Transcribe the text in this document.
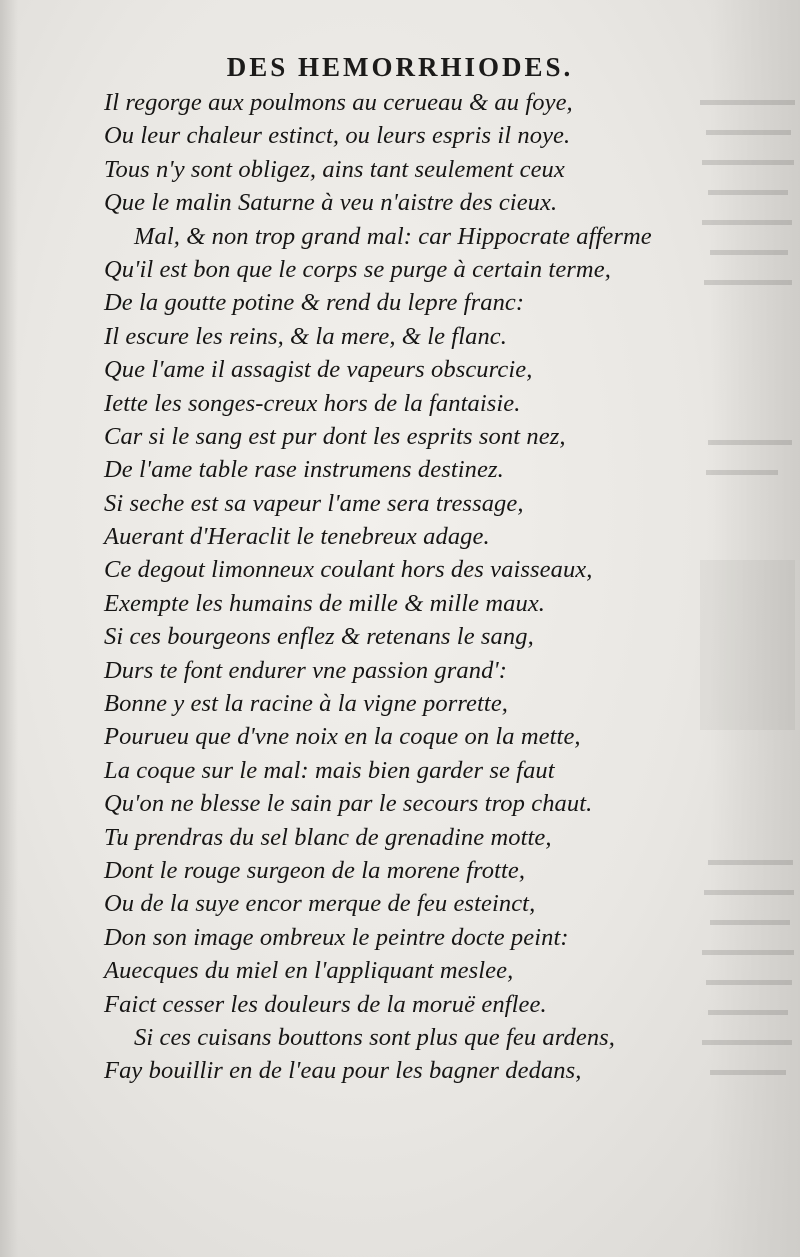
DES HEMORRHIODES.
Il regorge aux poulmons au cerueau & au foye,
Ou leur chaleur estinct, ou leurs espris il noye.
Tous n'y sont obligez, ains tant seulement ceux
Que le malin Saturne à veu n'aistre des cieux.
Mal, & non trop grand mal: car Hippocrate afferme
Qu'il est bon que le corps se purge à certain terme,
De la goutte potine & rend du lepre franc:
Il escure les reins, & la mere, & le flanc.
Que l'ame il assagist de vapeurs obscurcie,
Iette les songes-creux hors de la fantaisie.
Car si le sang est pur dont les esprits sont nez,
De l'ame table rase instrumens destinez.
Si seche est sa vapeur l'ame sera tressage,
Auerant d'Heraclit le tenebreux adage.
Ce degout limonneux coulant hors des vaisseaux,
Exempte les humains de mille & mille maux.
Si ces bourgeons enflez & retenans le sang,
Durs te font endurer vne passion grand':
Bonne y est la racine à la vigne porrette,
Pourueu que d'vne noix en la coque on la mette,
La coque sur le mal: mais bien garder se faut
Qu'on ne blesse le sain par le secours trop chaut.
Tu prendras du sel blanc de grenadine motte,
Dont le rouge surgeon de la morene frotte,
Ou de la suye encor merque de feu esteinct,
Don son image ombreux le peintre docte peint:
Auecques du miel en l'appliquant meslee,
Faict cesser les douleurs de la moruë enflee.
Si ces cuisans bouttons sont plus que feu ardens,
Fay bouillir en de l'eau pour les bagner dedans,
